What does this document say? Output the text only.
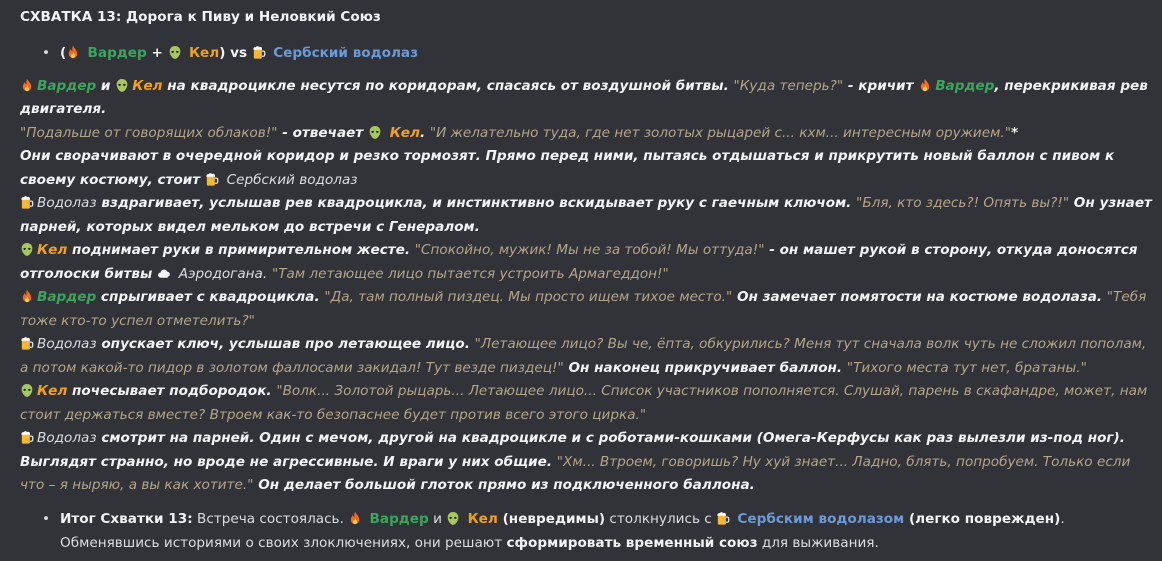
СХВАТКА 13: Дорога к Пиву и Неловкий Союз
• ( Вардер +
Кел) vs
Сербский водолаз
Вардер и
Кел на квадроцикле несутся по коридорам, спасаясь от воздушной битвы. "Куда теперь?" - кричит
Вардер, перекрикивая рев двигателя.
"Подальше от говорящих облаков!" - отвечает
Кел. "И желательно туда, где нет золотых рыцарей с... кхм... интересным оружием."*
Они сворачивают в очередной коридор и резко тормозят. Прямо перед ними, пытаясь отдышаться и прикрутить новый баллон с пивом к своему костюму, стоит
Сербский водолаз
Водолаз вздрагивает, услышав рев квадроцикла, и инстинктивно вскидывает руку с гаечным ключом. "Бля, кто здесь?! Опять вы?!" Он узнает парней, которых видел мельком до встречи с Генералом.
Кел поднимает руки в примирительном жесте. "Спокойно, мужик! Мы не за тобой! Мы оттуда!" - он машет рукой в сторону, откуда доносятся отголоски битвы
Аэродогана. "Там летающее лицо пытается устроить Армагеддон!"
Вардер спрыгивает с квадроцикла. "Да, там полный пиздец. Мы просто ищем тихое место." Он замечает помятости на костюме водолаза. "Тебя тоже кто-то успел отметелить?"
Водолаз опускает ключ, услышав про летающее лицо. "Летающее лицо? Вы че, ёпта, обкурились? Меня тут сначала волк чуть не сложил пополам, а потом какой-то пидор в золотом фаллосами закидал! Тут везде пиздец!" Он наконец прикручивает баллон. "Тихого места тут нет, братаны."
Кел почесывает подбородок. "Волк... Золотой рыцарь... Летающее лицо... Список участников пополняется. Слушай, парень в скафандре, может, нам стоит держаться вместе? Втроем как-то безопаснее будет против всего этого цирка."
Водолаз смотрит на парней. Один с мечом, другой на квадроцикле и с роботами-кошками (Омега-Керфусы как раз вылезли из-под ног). Выглядят странно, но вроде не агрессивные. И враги у них общие. "Хм... Втроем, говоришь? Ну хуй знает... Ладно, блять, попробуем. Только если что – я ныряю, а вы как хотите." Он делает большой глоток прямо из подключенного баллона.
• Итог Схватки 13: Встреча состоялась.
Вардер и
Кел (невредимы) столкнулись с
Сербским водолазом (легко поврежден). Обменявшись историями о своих злоключениях, они решают сформировать временный союз для выживания.
